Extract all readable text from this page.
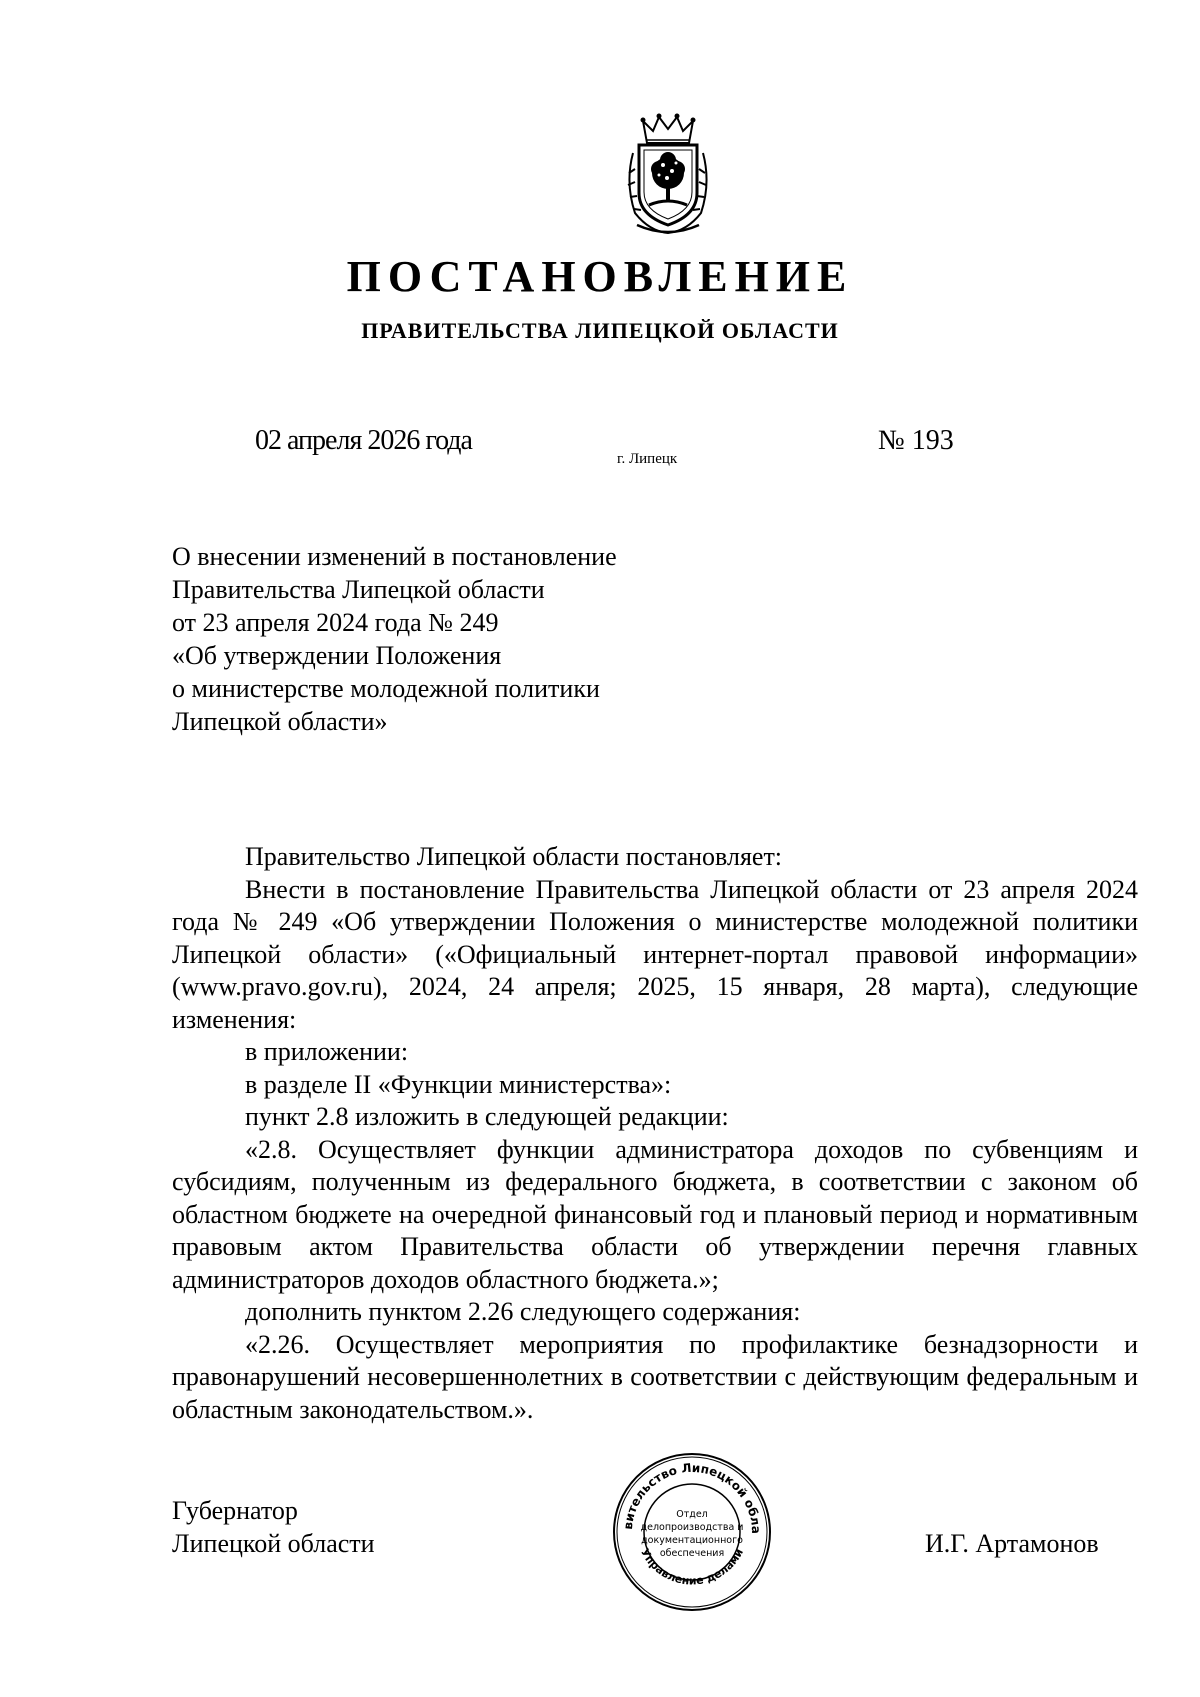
ПОСТАНОВЛЕНИЕ
ПРАВИТЕЛЬСТВА ЛИПЕЦКОЙ ОБЛАСТИ
02 апреля 2026 года
г. Липецк
№ 193
О внесении изменений в постановление
Правительства Липецкой области
от 23 апреля 2024 года № 249
«Об утверждении Положения
о министерстве молодежной политики
Липецкой области»

Правительство Липецкой области постановляет:

Внести в постановление Правительства Липецкой области от 23 апреля 2024 года № 249 «Об утверждении Положения о министерстве молодежной политики Липецкой области» («Официальный интернет-портал правовой информации» (www.pravo.gov.ru), 2024, 24 апреля; 2025, 15 января, 28 марта), следующие изменения:

в приложении:

в разделе II «Функции министерства»:

пункт 2.8 изложить в следующей редакции:

«2.8. Осуществляет функции администратора доходов по субвенциям и субсидиям, полученным из федерального бюджета, в соответствии с законом об областном бюджете на очередной финансовый год и плановый период и нормативным правовым актом Правительства области об утверждении перечня главных администраторов доходов областного бюджета.»;

дополнить пунктом 2.26 следующего содержания:

«2.26. Осуществляет мероприятия по профилактике безнадзорности и правонарушений несовершеннолетних в соответствии с действующим федеральным и областным законодательством.».

Губернатор
Липецкой области
вительство Липецкой обла
Управление делами
Отдел
делопроизводства и
документационного
обеспечения	И.Г. Артамонов
